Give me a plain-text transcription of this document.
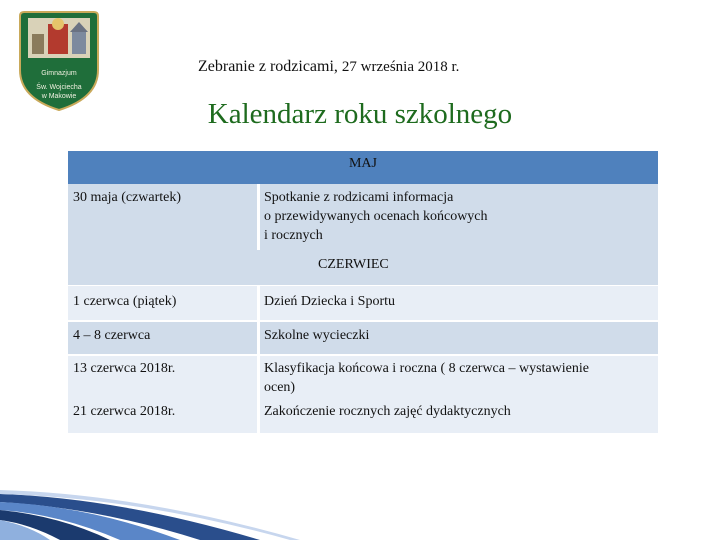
Gimnazjum
Św. Wojciecha
w Makowie
Zebranie z rodzicami, 27 września 2018 r.
Kalendarz roku szkolnego
MAJ
30 maja (czwartek)	Spotkanie z rodzicami informacja
o przewidywanych ocenach końcowych
i rocznych
CZERWIEC
1 czerwca (piątek)	Dzień Dziecka i Sportu
4 – 8 czerwca	Szkolne wycieczki
13 czerwca 2018r.	Klasyfikacja końcowa i roczna ( 8 czerwca – wystawienie
ocen)
21 czerwca 2018r.	Zakończenie rocznych zajęć dydaktycznych
